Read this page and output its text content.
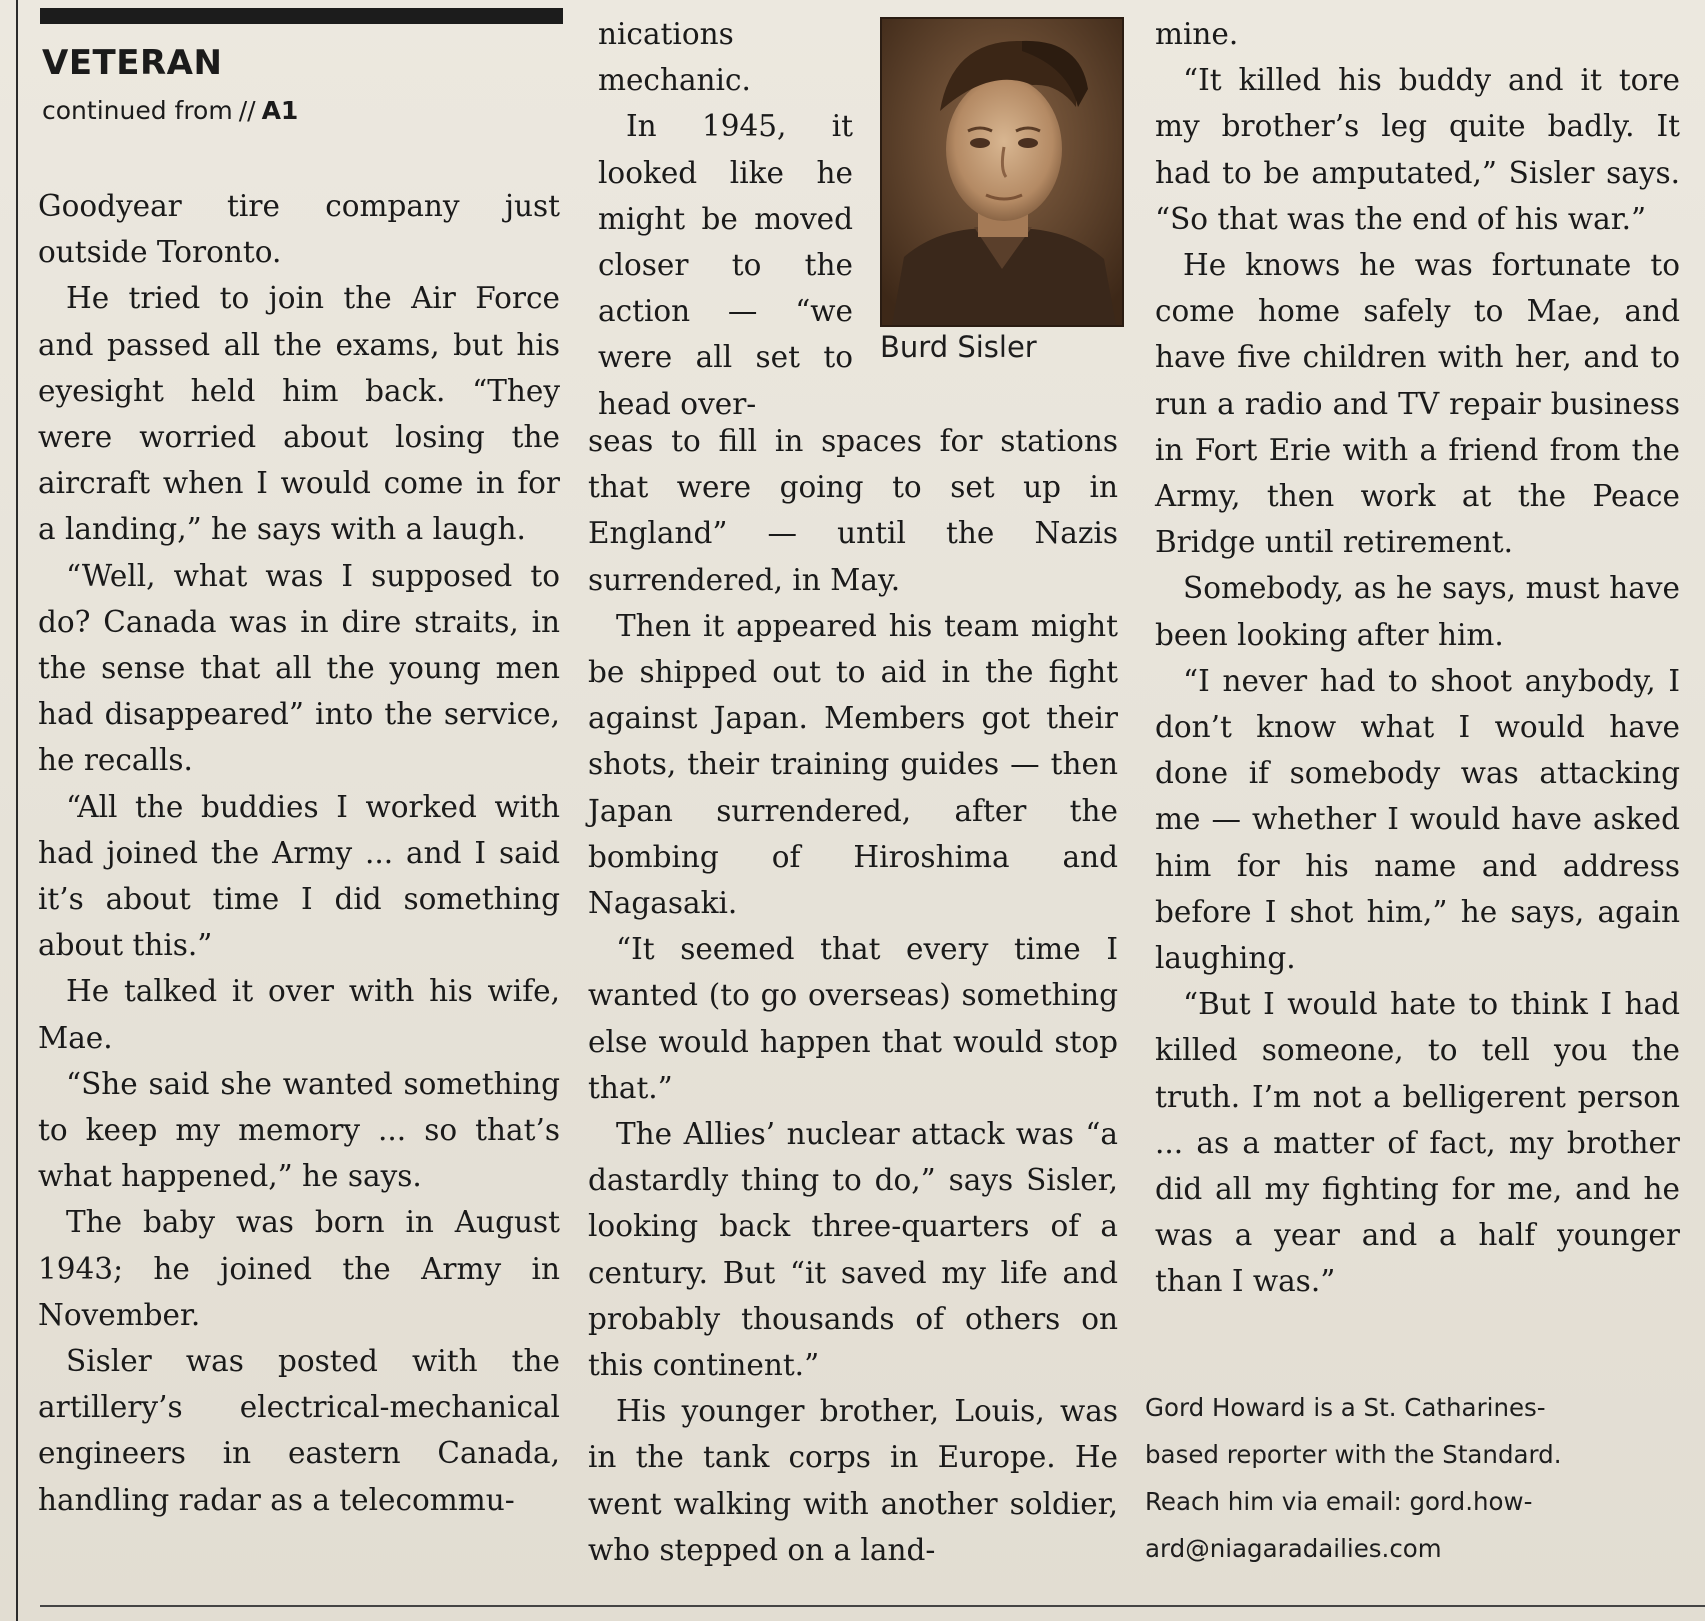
VETERAN
continued from // A1

Goodyear tire company just outside Toronto.

He tried to join the Air Force and passed all the exams, but his eyesight held him back. “They were worried about losing the aircraft when I would come in for a landing,” he says with a laugh.

“Well, what was I supposed to do? Canada was in dire straits, in the sense that all the young men had disappeared” into the service, he recalls.

“All the buddies I worked with had joined the Army ... and I said it’s about time I did something about this.”

He talked it over with his wife, Mae.

“She said she wanted something to keep my memory ... so that’s what happened,” he says.

The baby was born in August 1943; he joined the Army in November.

Sisler was posted with the artillery’s electrical-mechanical engineers in eastern Canada, handling radar as a telecommu-

nications mechanic.

In 1945, it looked like he might be moved closer to the action — “we were all set to head over-

Burd Sisler

seas to fill in spaces for stations that were going to set up in England” — until the Nazis surrendered, in May.

Then it appeared his team might be shipped out to aid in the fight against Japan. Members got their shots, their training guides — then Japan surrendered, after the bombing of Hiroshima and Nagasaki.

“It seemed that every time I wanted (to go overseas) something else would happen that would stop that.”

The Allies’ nuclear attack was “a dastardly thing to do,” says Sisler, looking back three-quarters of a century. But “it saved my life and probably thousands of others on this continent.”

His younger brother, Louis, was in the tank corps in Europe. He went walking with another soldier, who stepped on a land-

mine.

“It killed his buddy and it tore my brother’s leg quite badly. It had to be amputated,” Sisler says. “So that was the end of his war.”

He knows he was fortunate to come home safely to Mae, and have five children with her, and to run a radio and TV repair business in Fort Erie with a friend from the Army, then work at the Peace Bridge until retirement.

Somebody, as he says, must have been looking after him.

“I never had to shoot anybody, I don’t know what I would have done if somebody was attacking me — whether I would have asked him for his name and address before I shot him,” he says, again laughing.

“But I would hate to think I had killed someone, to tell you the truth. I’m not a belligerent person ... as a matter of fact, my brother did all my fighting for me, and he was a year and a half younger than I was.”

Gord Howard is a St. Catharines-

based reporter with the Standard.

Reach him via email: gord.how-

ard@niagaradailies.com
